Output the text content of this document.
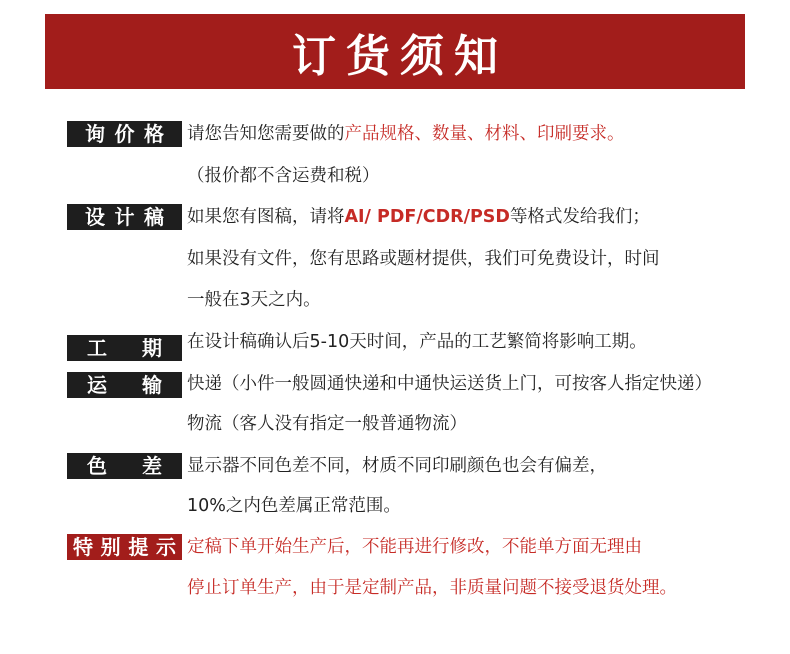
订货须知
询 价 格 请您告知您需要做的产品规格、数量、材料、印刷要求。
（报价都不含运费和税）
设 计 稿 如果您有图稿，请将AI/ PDF/CDR/PSD等格式发给我们；
如果没有文件，您有思路或题材提供，我们可免费设计，时间
一般在3天之内。
工 期 在设计稿确认后5-10天时间，产品的工艺繁简将影响工期。
运 输 快递（小件一般圆通快递和中通快运送货上门，可按客人指定快递）
物流（客人没有指定一般普通物流）
色 差 显示器不同色差不同，材质不同印刷颜色也会有偏差，
10%之内色差属正常范围。
特 别 提 示 定稿下单开始生产后，不能再进行修改，不能单方面无理由
停止订单生产，由于是定制产品，非质量问题不接受退货处理。
